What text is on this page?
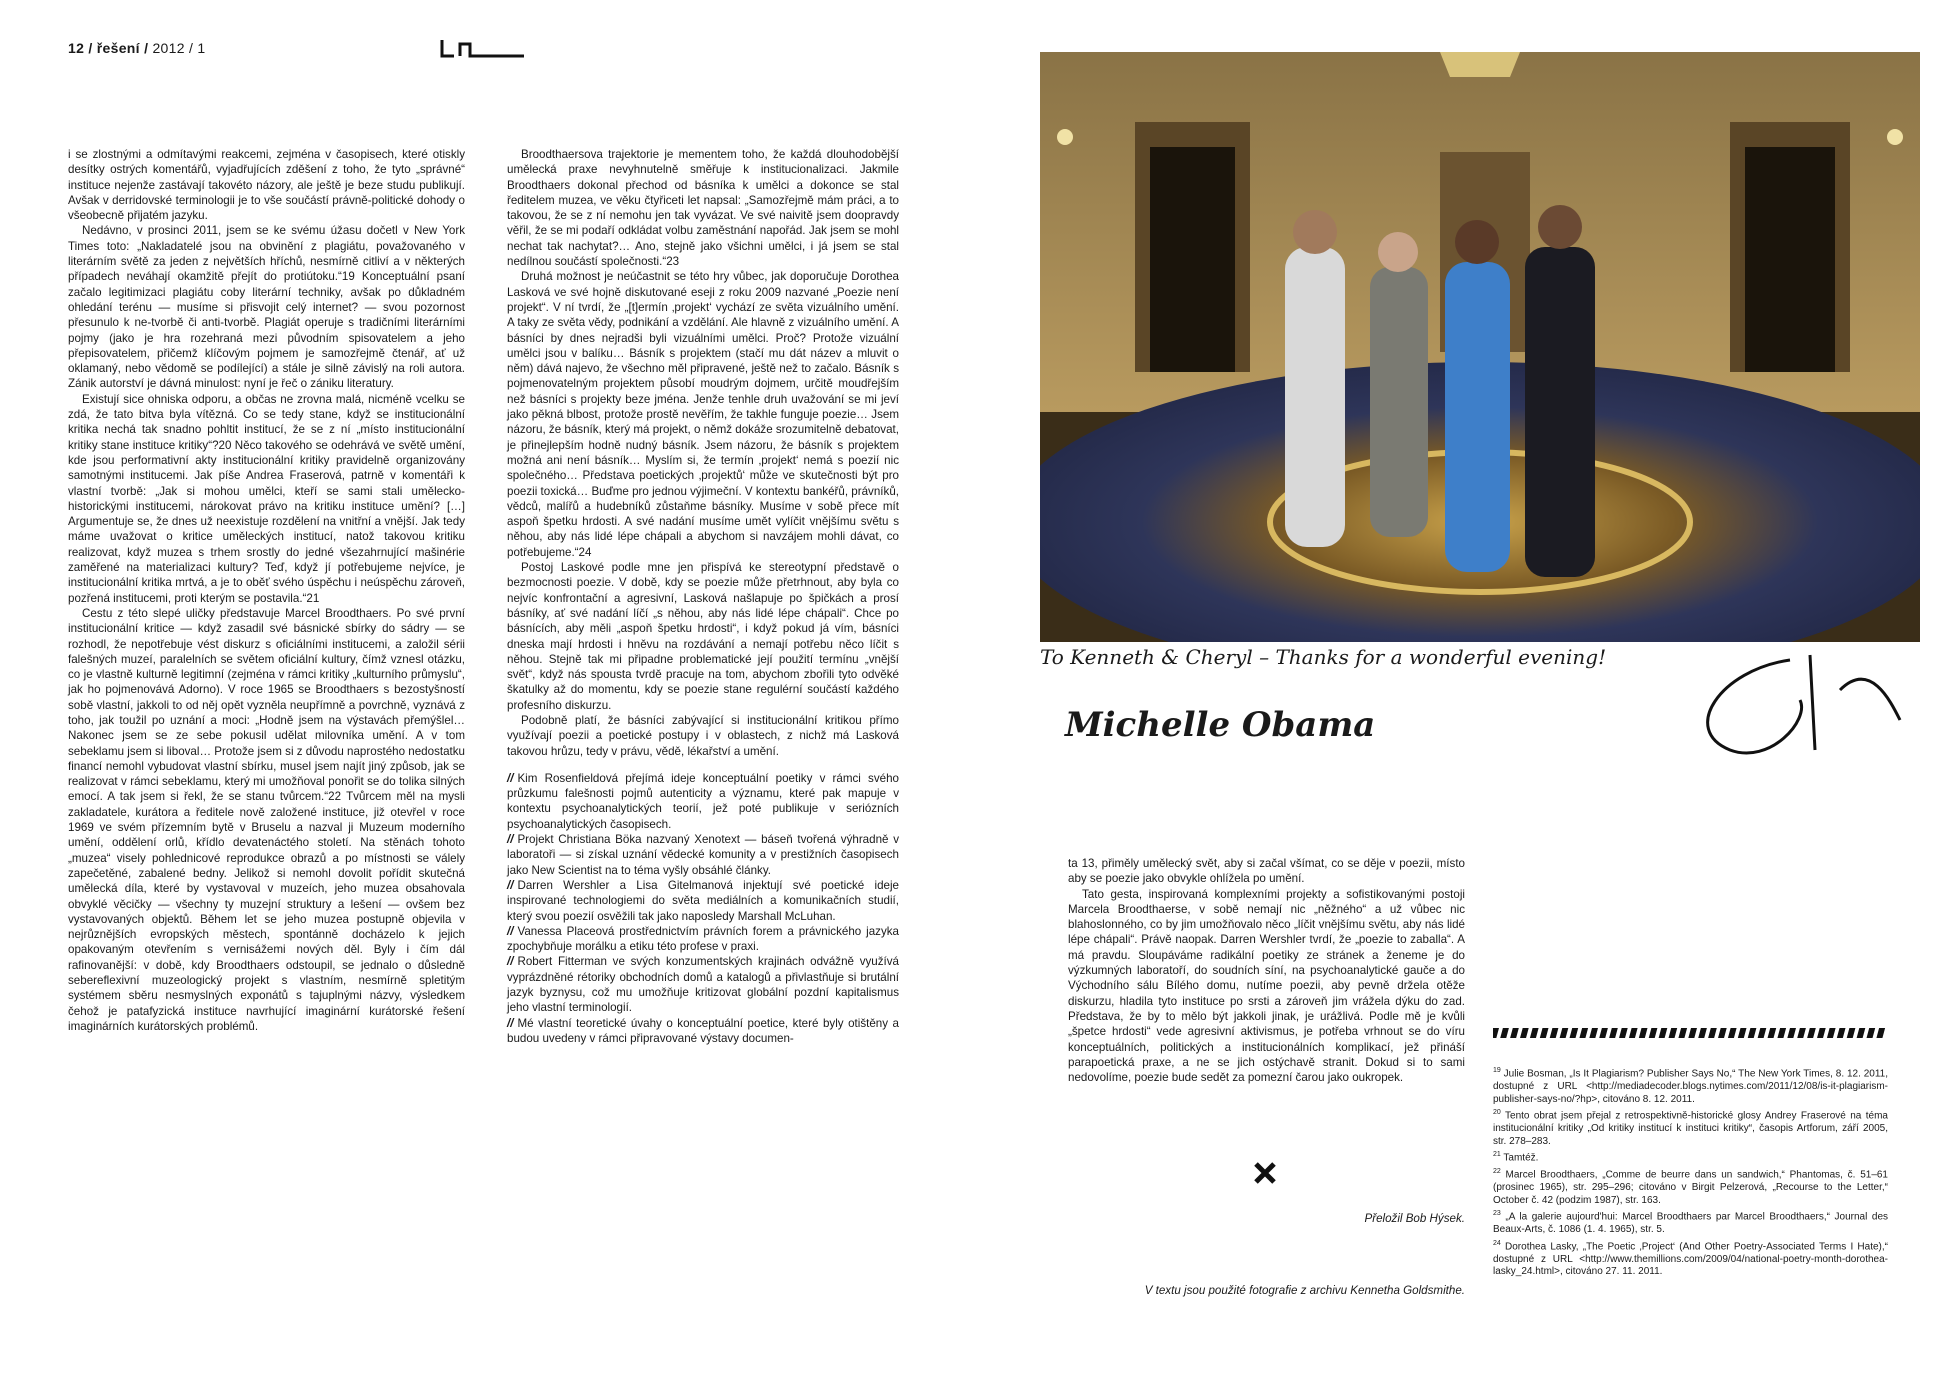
12 / řešení / 2012 / 1

i se zlostnými a odmítavými reakcemi, zejména v časopisech, které otiskly desítky ostrých komentářů, vyjadřujících zděšení z toho, že tyto „správné“ instituce nejenže zastávají takovéto názory, ale ještě je beze studu publikují. Avšak v derridovské terminologii je to vše součástí právně-politické dohody o všeobecně přijatém jazyku.

Nedávno, v prosinci 2011, jsem se ke svému úžasu dočetl v New York Times toto: „Nakladatelé jsou na obvinění z plagiátu, považovaného v literárním světě za jeden z největších hříchů, nesmírně citliví a v některých případech neváhají okamžitě přejít do protiútoku.“19 Konceptuální psaní začalo legitimizaci plagiátu coby literární techniky, avšak po důkladném ohledání terénu — musíme si přisvojit celý internet? — svou pozornost přesunulo k ne-tvorbě či anti-tvorbě. Plagiát operuje s tradičními literárními pojmy (jako je hra rozehraná mezi původním spisovatelem a jeho přepisovatelem, přičemž klíčovým pojmem je samozřejmě čtenář, ať už oklamaný, nebo vědomě se podílející) a stále je silně závislý na roli autora. Zánik autorství je dávná minulost: nyní je řeč o zániku literatury.

Existují sice ohniska odporu, a občas ne zrovna malá, nicméně vcelku se zdá, že tato bitva byla vítězná. Co se tedy stane, když se institucionální kritika nechá tak snadno pohltit institucí, že se z ní „místo institucionální kritiky stane instituce kritiky“?20 Něco takového se odehrává ve světě umění, kde jsou performativní akty institucionální kritiky pravidelně organizovány samotnými institucemi. Jak píše Andrea Fraserová, patrně v komentáři k vlastní tvorbě: „Jak si mohou umělci, kteří se sami stali umělecko-historickými institucemi, nárokovat právo na kritiku instituce umění? […] Argumentuje se, že dnes už neexistuje rozdělení na vnitřní a vnější. Jak tedy máme uvažovat o kritice uměleckých institucí, natož takovou kritiku realizovat, když muzea s trhem srostly do jedné všezahrnující mašinérie zaměřené na materializaci kultury? Teď, když jí potřebujeme nejvíce, je institucionální kritika mrtvá, a je to oběť svého úspěchu i neúspěchu zároveň, pozřená institucemi, proti kterým se postavila.“21

Cestu z této slepé uličky představuje Marcel Broodthaers. Po své první institucionální kritice — když zasadil své básnické sbírky do sádry — se rozhodl, že nepotřebuje vést diskurz s oficiálními institucemi, a založil sérii falešných muzeí, paralelních se světem oficiální kultury, čímž vznesl otázku, co je vlastně kulturně legitimní (zejména v rámci kritiky „kulturního průmyslu“, jak ho pojmenovává Adorno). V roce 1965 se Broodthaers s bezostyšností sobě vlastní, jakkoli to od něj opět vyzněla neupřímně a povrchně, vyznává z toho, jak toužil po uznání a moci: „Hodně jsem na výstavách přemýšlel… Nakonec jsem se ze sebe pokusil udělat milovníka umění. A v tom sebeklamu jsem si liboval… Protože jsem si z důvodu naprostého nedostatku financí nemohl vybudovat vlastní sbírku, musel jsem najít jiný způsob, jak se realizovat v rámci sebeklamu, který mi umožňoval ponořit se do tolika silných emocí. A tak jsem si řekl, že se stanu tvůrcem.“22 Tvůrcem měl na mysli zakladatele, kurátora a ředitele nově založené instituce, již otevřel v roce 1969 ve svém přízemním bytě v Bruselu a nazval ji Muzeum moderního umění, oddělení orlů, křídlo devatenáctého století. Na stěnách tohoto „muzea“ visely pohlednicové reprodukce obrazů a po místnosti se válely zapečetěné, zabalené bedny. Jelikož si nemohl dovolit pořídit skutečná umělecká díla, které by vystavoval v muzeích, jeho muzea obsahovala obvyklé věcičky — všechny ty muzejní struktury a lešení — ovšem bez vystavovaných objektů. Během let se jeho muzea postupně objevila v nejrůznějších evropských městech, spontánně docházelo k jejich opakovaným otevřením s vernisážemi nových děl. Byly i čím dál rafinovanější: v době, kdy Broodthaers odstoupil, se jednalo o důsledně sebereflexivní muzeologický projekt s vlastním, nesmírně spletitým systémem sběru nesmyslných exponátů s tajuplnými názvy, výsledkem čehož je patafyzická instituce navrhující imaginární kurátorské řešení imaginárních kurátorských problémů.

Broodthaersova trajektorie je mementem toho, že každá dlouhodobější umělecká praxe nevyhnutelně směřuje k institucionalizaci. Jakmile Broodthaers dokonal přechod od básníka k umělci a dokonce se stal ředitelem muzea, ve věku čtyřiceti let napsal: „Samozřejmě mám práci, a to takovou, že se z ní nemohu jen tak vyvázat. Ve své naivitě jsem doopravdy věřil, že se mi podaří odkládat volbu zaměstnání napořád. Jak jsem se mohl nechat tak nachytat?… Ano, stejně jako všichni umělci, i já jsem se stal nedílnou součástí společnosti.“23

Druhá možnost je neúčastnit se této hry vůbec, jak doporučuje Dorothea Lasková ve své hojně diskutované eseji z roku 2009 nazvané „Poezie není projekt“. V ní tvrdí, že „[t]ermín ‚projekt‘ vychází ze světa vizuálního umění. A taky ze světa vědy, podnikání a vzdělání. Ale hlavně z vizuálního umění. A básníci by dnes nejradši byli vizuálními umělci. Proč? Protože vizuální umělci jsou v balíku… Básník s projektem (stačí mu dát název a mluvit o něm) dává najevo, že všechno měl připravené, ještě než to začalo. Básník s pojmenovatelným projektem působí moudrým dojmem, určitě moudřejším než básníci s projekty beze jména. Jenže tenhle druh uvažování se mi jeví jako pěkná blbost, protože prostě nevěřím, že takhle funguje poezie… Jsem názoru, že básník, který má projekt, o němž dokáže srozumitelně debatovat, je přinejlepším hodně nudný básník. Jsem názoru, že básník s projektem možná ani není básník… Myslím si, že termín ‚projekt‘ nemá s poezií nic společného… Představa poetických ‚projektů‘ může ve skutečnosti být pro poezii toxická… Buďme pro jednou výjimeční. V kontextu bankéřů, právníků, vědců, malířů a hudebníků zůstaňme básníky. Musíme v sobě přece mít aspoň špetku hrdosti. A své nadání musíme umět vylíčit vnějšímu světu s něhou, aby nás lidé lépe chápali a abychom si navzájem mohli dávat, co potřebujeme.“24

Postoj Laskové podle mne jen přispívá ke stereotypní představě o bezmocnosti poezie. V době, kdy se poezie může přetrhnout, aby byla co nejvíc konfrontační a agresivní, Lasková našlapuje po špičkách a prosí básníky, ať své nadání líčí „s něhou, aby nás lidé lépe chápali“. Chce po básnících, aby měli „aspoň špetku hrdosti“, i když pokud já vím, básníci dneska mají hrdosti i hněvu na rozdávání a nemají potřebu něco líčit s něhou. Stejně tak mi připadne problematické její použití termínu „vnější svět“, když nás spousta tvrdě pracuje na tom, abychom zbořili tyto odvěké škatulky až do momentu, kdy se poezie stane regulérní součástí každého profesního diskurzu.

Podobně platí, že básníci zabývající si institucionální kritikou přímo využívají poezii a poetické postupy i v oblastech, z nichž má Lasková takovou hrůzu, tedy v právu, vědě, lékařství a umění.

// Kim Rosenfieldová přejímá ideje konceptuální poetiky v rámci svého průzkumu falešnosti pojmů autenticity a významu, které pak mapuje v kontextu psychoanalytických teorií, jež poté publikuje v seriózních psychoanalytických časopisech.

// Projekt Christiana Böka nazvaný Xenotext — báseň tvořená výhradně v laboratoři — si získal uznání vědecké komunity a v prestižních časopisech jako New Scientist na to téma vyšly obsáhlé články.

// Darren Wershler a Lisa Gitelmanová injektují své poetické ideje inspirované technologiemi do světa mediálních a komunikačních studií, který svou poezií osvěžili tak jako naposledy Marshall McLuhan.

// Vanessa Placeová prostřednictvím právních forem a právnického jazyka zpochybňuje morálku a etiku této profese v praxi.

// Robert Fitterman ve svých konzumentských krajinách odvážně využívá vyprázdněné rétoriky obchodních domů a katalogů a přivlastňuje si brutální jazyk byznysu, což mu umožňuje kritizovat globální pozdní kapitalismus jeho vlastní terminologií.

// Mé vlastní teoretické úvahy o konceptuální poetice, které byly otištěny a budou uvedeny v rámci připravované výstavy documen-

To Kenneth & Cheryl – Thanks for a wonderful evening!
Michelle Obama

ta 13, přiměly umělecký svět, aby si začal všímat, co se děje v poezii, místo aby se poezie jako obvykle ohlížela po umění.

Tato gesta, inspirovaná komplexními projekty a sofistikovanými postoji Marcela Broodthaerse, v sobě nemají nic „něžného“ a už vůbec nic blahoslonného, co by jim umožňovalo něco „líčit vnějšímu světu, aby nás lidé lépe chápali“. Právě naopak. Darren Wershler tvrdí, že „poezie to zaballa“. A má pravdu. Sloupáváme radikální poetiky ze stránek a ženeme je do výzkumných laboratoří, do soudních síní, na psychoanalytické gauče a do Východního sálu Bílého domu, nutíme poezii, aby pevně držela otěže diskurzu, hladila tyto instituce po srsti a zároveň jim vrážela dýku do zad. Představa, že by to mělo být jakkoli jinak, je urážlivá. Podle mě je kvůli „špetce hrdosti“ vede agresivní aktivismus, je potřeba vrhnout se do víru konceptuálních, politických a institucionálních komplikací, jež přináší parapoetická praxe, a ne se jich ostýchavě stranit. Dokud si to sami nedovolíme, poezie bude sedět za pomezní čarou jako oukropek.

Přeložil Bob Hýsek.
V textu jsou použité fotografie z archivu Kennetha Goldsmithe.

$^{19}$ Julie Bosman, „Is It Plagiarism? Publisher Says No,“ The New York Times, 8. 12. 2011, dostupné z URL <http://mediadecoder.blogs.nytimes.com/2011/12/08/is-it-plagiarism-publisher-says-no/?hp>, citováno 8. 12. 2011.

$^{20}$ Tento obrat jsem přejal z retrospektivně-historické glosy Andrey Fraserové na téma institucionální kritiky „Od kritiky institucí k instituci kritiky“, časopis Artforum, září 2005, str. 278–283.

$^{21}$ Tamtéž.

$^{22}$ Marcel Broodthaers, „Comme de beurre dans un sandwich,“ Phantomas, č. 51–61 (prosinec 1965), str. 295–296; citováno v Birgit Pelzerová, „Recourse to the Letter,“ October č. 42 (podzim 1987), str. 163.

$^{23}$ „A la galerie aujourd'hui: Marcel Broodthaers par Marcel Broodthaers,“ Journal des Beaux-Arts, č. 1086 (1. 4. 1965), str. 5.

$^{24}$ Dorothea Lasky, „The Poetic ‚Project‘ (And Other Poetry-Associated Terms I Hate),“ dostupné z URL <http://www.themillions.com/2009/04/national-poetry-month-dorothea-lasky_24.html>, citováno 27. 11. 2011.
